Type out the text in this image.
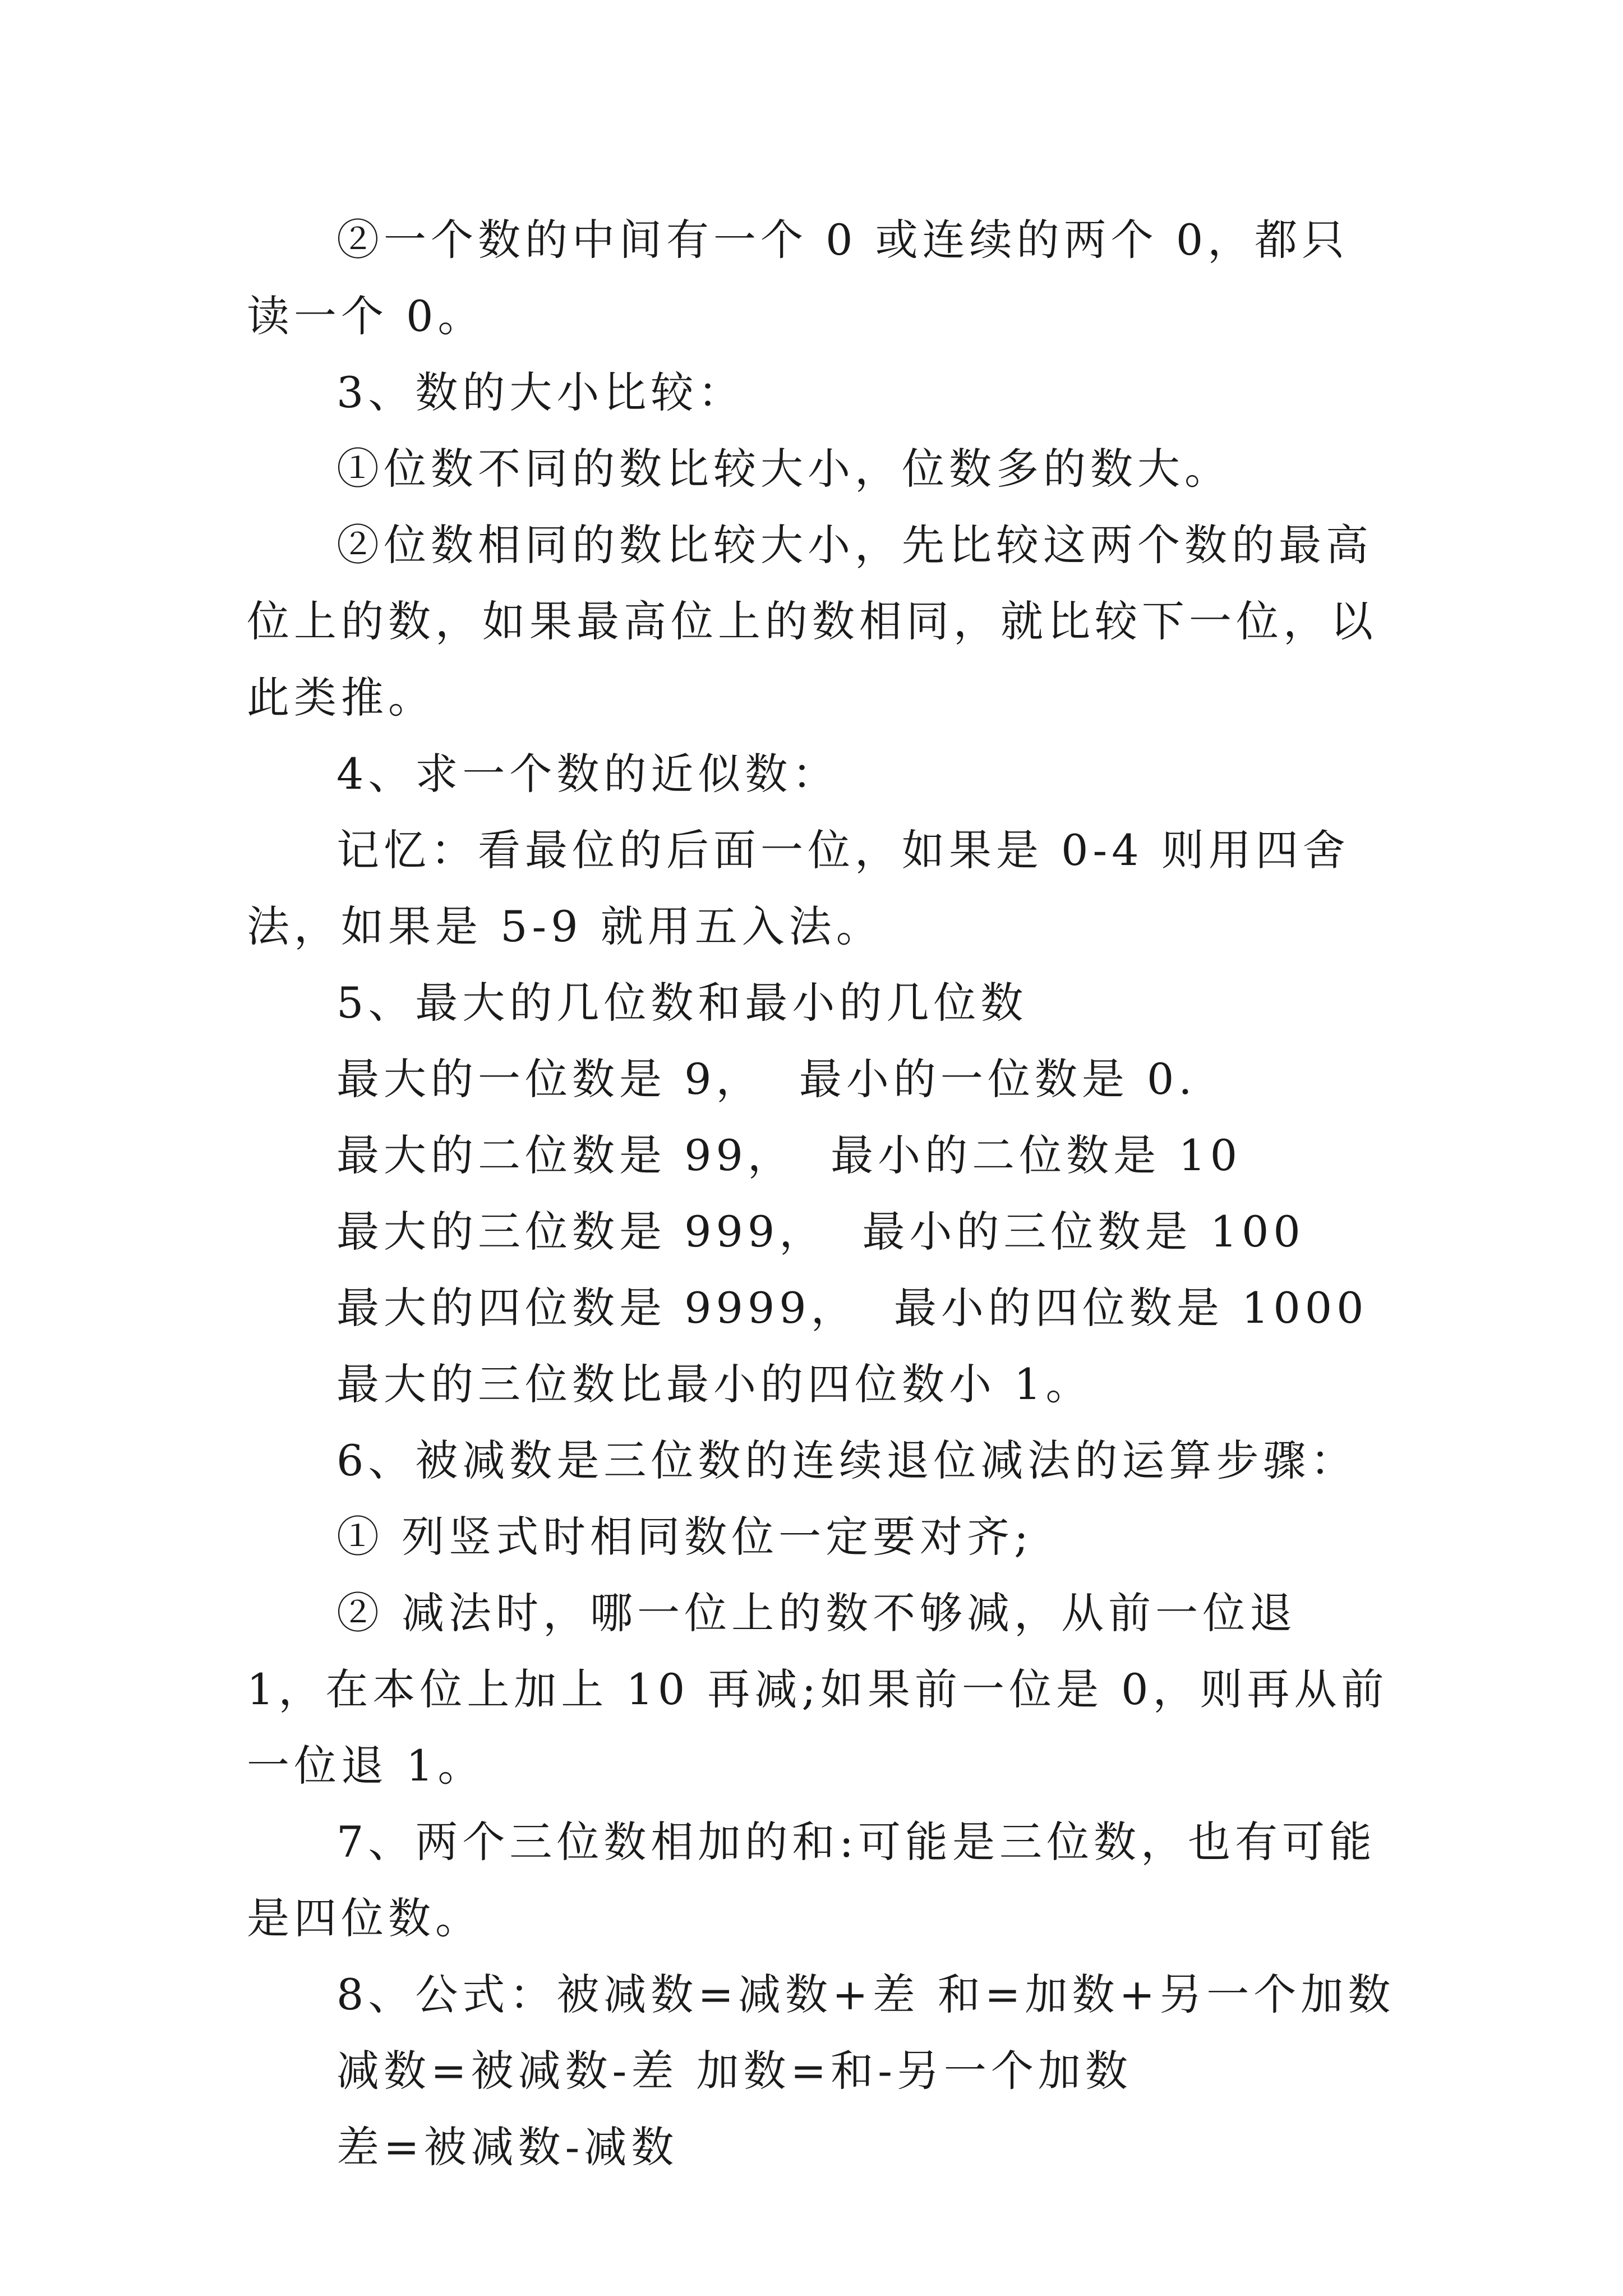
②一个数的中间有一个 0 或连续的两个 0，都只读一个 0。

3、数的大小比较：

①位数不同的数比较大小，位数多的数大。

②位数相同的数比较大小，先比较这两个数的最高位上的数，如果最高位上的数相同，就比较下一位，以此类推。

4、求一个数的近似数：

记忆：看最位的后面一位，如果是 0-4 则用四舍法，如果是 5-9 就用五入法。

5、最大的几位数和最小的几位数

最大的一位数是 9，  最小的一位数是 0.

最大的二位数是 99，  最小的二位数是 10

最大的三位数是 999，  最小的三位数是 100

最大的四位数是 9999，  最小的四位数是 1000

最大的三位数比最小的四位数小 1。

6、被减数是三位数的连续退位减法的运算步骤：

① 列竖式时相同数位一定要对齐;

② 减法时，哪一位上的数不够减，从前一位退 1，在本位上加上 10 再减;如果前一位是 0，则再从前一位退 1。

7、两个三位数相加的和:可能是三位数，也有可能是四位数。

8、公式：被减数=减数+差 和=加数+另一个加数

减数=被减数-差 加数=和-另一个加数

差=被减数-减数
